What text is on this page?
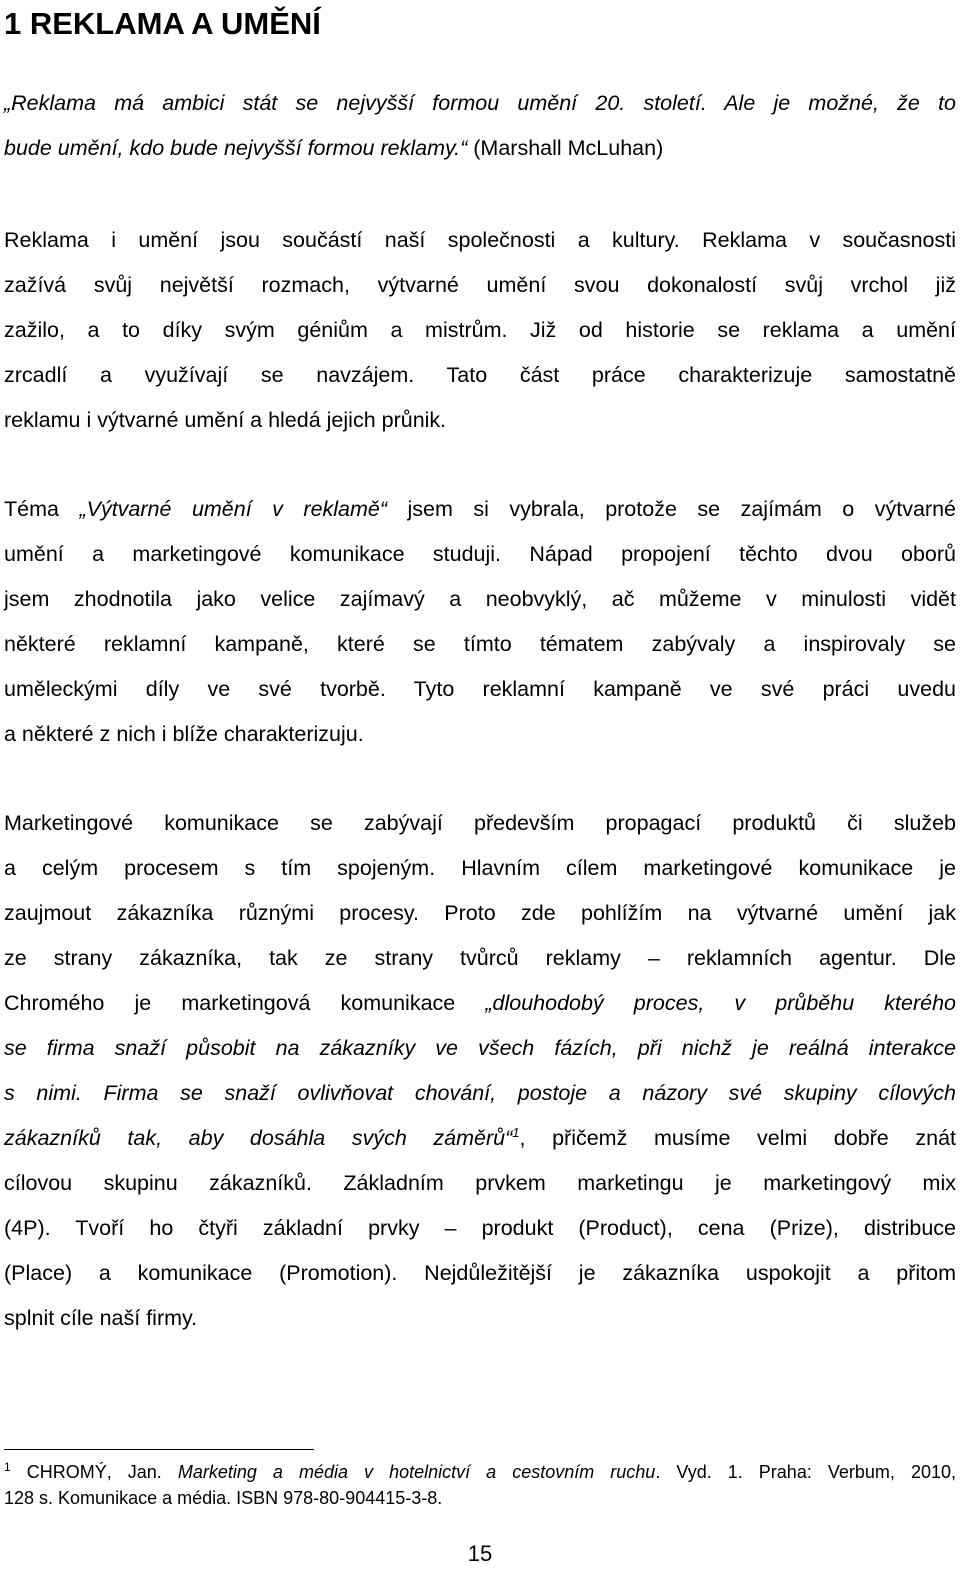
1 REKLAMA A UMĚNÍ
„Reklama má ambici stát se nejvyšší formou umění 20. století. Ale je možné, že to
bude umění, kdo bude nejvyšší formou reklamy.“ (Marshall McLuhan)
Reklama i umění jsou součástí naší společnosti a kultury. Reklama v současnosti
zažívá svůj největší rozmach, výtvarné umění svou dokonalostí svůj vrchol již
zažilo, a to díky svým géniům a mistrům. Již od historie se reklama a umění
zrcadlí a využívají se navzájem. Tato část práce charakterizuje samostatně
reklamu i výtvarné umění a hledá jejich průnik.
Téma „Výtvarné umění v reklamě“ jsem si vybrala, protože se zajímám o výtvarné
umění a marketingové komunikace studuji. Nápad propojení těchto dvou oborů
jsem zhodnotila jako velice zajímavý a neobvyklý, ač můžeme v minulosti vidět
některé reklamní kampaně, které se tímto tématem zabývaly a inspirovaly se
uměleckými díly ve své tvorbě. Tyto reklamní kampaně ve své práci uvedu
a některé z nich i blíže charakterizuju.
Marketingové komunikace se zabývají především propagací produktů či služeb
a celým procesem s tím spojeným. Hlavním cílem marketingové komunikace je
zaujmout zákazníka různými procesy. Proto zde pohlížím na výtvarné umění jak
ze strany zákazníka, tak ze strany tvůrců reklamy – reklamních agentur. Dle
Chromého je marketingová komunikace „dlouhodobý proces, v průběhu kterého
se firma snaží působit na zákazníky ve všech fázích, při nichž je reálná interakce
s nimi. Firma se snaží ovlivňovat chování, postoje a názory své skupiny cílových
zákazníků tak, aby dosáhla svých záměrů“$^1$, přičemž musíme velmi dobře znát
cílovou skupinu zákazníků. Základním prvkem marketingu je marketingový mix
(4P). Tvoří ho čtyři základní prvky – produkt (Product), cena (Prize), distribuce
(Place) a komunikace (Promotion). Nejdůležitější je zákazníka uspokojit a přitom
splnit cíle naší firmy.
$^1$ CHROMÝ, Jan. Marketing a média v hotelnictví a cestovním ruchu. Vyd. 1. Praha: Verbum, 2010,
128 s. Komunikace a média. ISBN 978-80-904415-3-8.
15
